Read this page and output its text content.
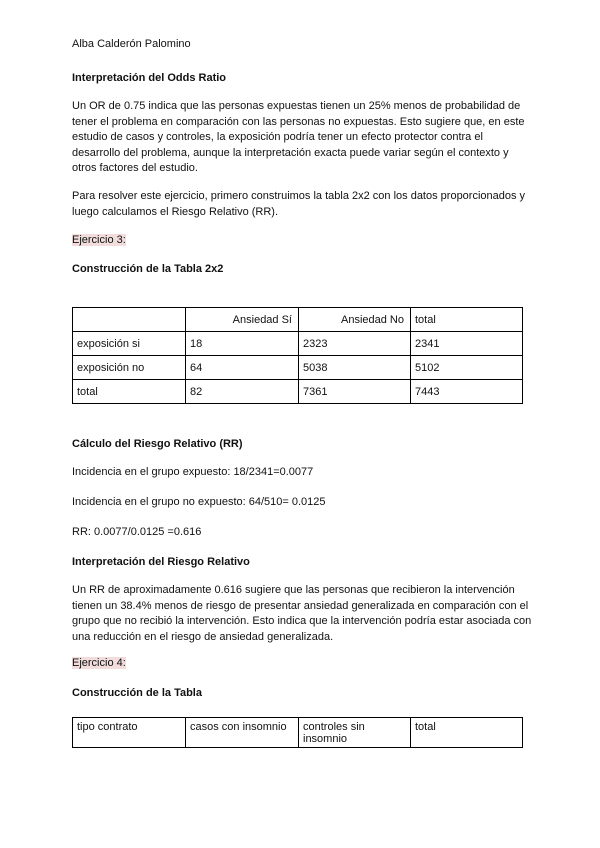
Alba Calderón Palomino

Interpretación del Odds Ratio

Un OR de 0.75 indica que las personas expuestas tienen un 25% menos de probabilidad de tener el problema en comparación con las personas no expuestas. Esto sugiere que, en este estudio de casos y controles, la exposición podría tener un efecto protector contra el desarrollo del problema, aunque la interpretación exacta puede variar según el contexto y otros factores del estudio.

Para resolver este ejercicio, primero construimos la tabla 2x2 con los datos proporcionados y luego calculamos el Riesgo Relativo (RR).

Ejercicio 3:

Construcción de la Tabla 2x2

	Ansiedad Sí	Ansiedad No	total
exposición si	18	2323	2341
exposición no	64	5038	5102
total	82	7361	7443

Cálculo del Riesgo Relativo (RR)

Incidencia en el grupo expuesto: 18/2341=0.0077

Incidencia en el grupo no expuesto: 64/510= 0.0125

RR: 0.0077/0.0125 =0.616

Interpretación del Riesgo Relativo

Un RR de aproximadamente 0.616 sugiere que las personas que recibieron la intervención tienen un 38.4% menos de riesgo de presentar ansiedad generalizada en comparación con el grupo que no recibió la intervención. Esto indica que la intervención podría estar asociada con una reducción en el riesgo de ansiedad generalizada.

Ejercicio 4:

Construcción de la Tabla

tipo contrato	casos con insomnio	controles sin insomnio	total
